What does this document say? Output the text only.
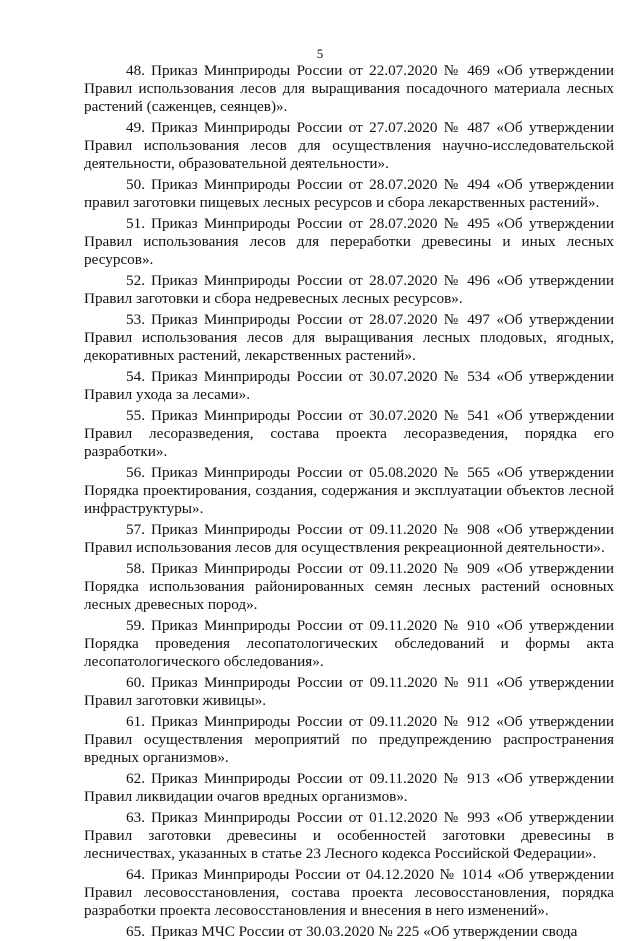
5

48. Приказ Минприроды России от 22.07.2020 № 469 «Об утверждении Правил использования лесов для выращивания посадочного материала лесных растений (саженцев, сеянцев)».

49. Приказ Минприроды России от 27.07.2020 № 487 «Об утверждении Правил использования лесов для осуществления научно-исследовательской деятельности, образовательной деятельности».

50. Приказ Минприроды России от 28.07.2020 № 494 «Об утверждении правил заготовки пищевых лесных ресурсов и сбора лекарственных растений».

51. Приказ Минприроды России от 28.07.2020 № 495 «Об утверждении Правил использования лесов для переработки древесины и иных лесных ресурсов».

52. Приказ Минприроды России от 28.07.2020 № 496 «Об утверждении Правил заготовки и сбора недревесных лесных ресурсов».

53. Приказ Минприроды России от 28.07.2020 № 497 «Об утверждении Правил использования лесов для выращивания лесных плодовых, ягодных, декоративных растений, лекарственных растений».

54. Приказ Минприроды России от 30.07.2020 № 534 «Об утверждении Правил ухода за лесами».

55. Приказ Минприроды России от 30.07.2020 № 541 «Об утверждении Правил лесоразведения, состава проекта лесоразведения, порядка его разработки».

56. Приказ Минприроды России от 05.08.2020 № 565 «Об утверждении Порядка проектирования, создания, содержания и эксплуатации объектов лесной инфраструктуры».

57. Приказ Минприроды России от 09.11.2020 № 908 «Об утверждении Правил использования лесов для осуществления рекреационной деятельности».

58. Приказ Минприроды России от 09.11.2020 № 909 «Об утверждении Порядка использования районированных семян лесных растений основных лесных древесных пород».

59. Приказ Минприроды России от 09.11.2020 № 910 «Об утверждении Порядка проведения лесопатологических обследований и формы акта лесопатологического обследования».

60. Приказ Минприроды России от 09.11.2020 № 911 «Об утверждении Правил заготовки живицы».

61. Приказ Минприроды России от 09.11.2020 № 912 «Об утверждении Правил осуществления мероприятий по предупреждению распространения вредных организмов».

62. Приказ Минприроды России от 09.11.2020 № 913 «Об утверждении Правил ликвидации очагов вредных организмов».

63. Приказ Минприроды России от 01.12.2020 № 993 «Об утверждении Правил заготовки древесины и особенностей заготовки древесины в лесничествах, указанных в статье 23 Лесного кодекса Российской Федерации».

64. Приказ Минприроды России от 04.12.2020 № 1014 «Об утверждении Правил лесовосстановления, состава проекта лесовосстановления, порядка разработки проекта лесовосстановления и внесения в него изменений».

65. Приказ МЧС России от 30.03.2020 № 225 «Об утверждении свода
